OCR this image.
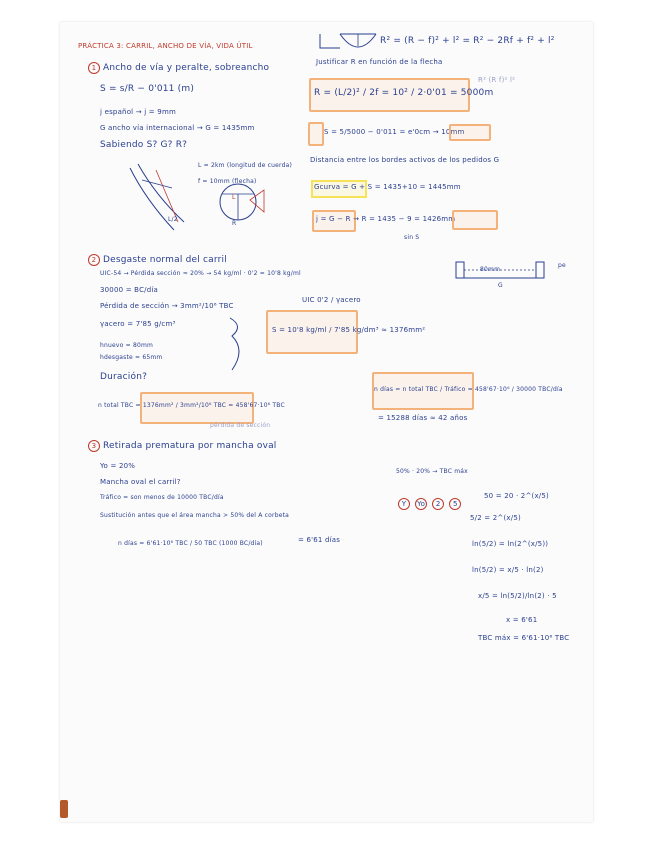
PRÁCTICA 3: CARRIL, ANCHO DE VÍA, VIDA ÚTIL	R² = (R − f)² + l² = R² − 2Rf + f² + l²
1 Ancho de vía y peralte, sobreancho
S = s/R − 0'011 (m)
j español → j = 9mm
G ancho vía internacional → G = 1435mm
Sabiendo S? G? R?
Justificar R en función de la flecha
R² (R f)² l²
R = (L/2)² / 2f = 10² / 2·0'01 = 5000m
S = 5/5000 − 0'011 = e'0cm → 10mm
Distancia entre los bordes activos de los pedidos G
Gcurva = G + S = 1435+10 = 1445mm
j = G − R → R = 1435 − 9 = 1426mm
sin S
L = 2km (longitud de cuerda)
f = 10mm (flecha)
L
R
L/2
2 Desgaste normal del carril
UIC-54 → Pérdida sección ≈ 20% → 54 kg/ml · 0'2 = 10'8 kg/ml
30000 = BC/día
Pérdida de sección → 3mm²/10⁶ TBC
γacero = 7'85 g/cm³
hnuevo = 80mm
hdesgaste = 65mm
Duración?
80mm
G
pe
UIC 0'2 / γacero
S = 10'8 kg/ml / 7'85 kg/dm³ ≈ 1376mm²
n total TBC = 1376mm² / 3mm²/10⁶ TBC = 458'67·10⁶ TBC
n días = n total TBC / Tráfico = 458'67·10⁶ / 30000 TBC/día
= 15288 días ≈ 42 años
pérdida de sección
3 Retirada prematura por mancha oval
Yo = 20%
Mancha oval el carril?
Tráfico = son menos de 10000 TBC/día
Sustitución antes que el área mancha > 50% del A corbeta
50% · 20% → TBC máx
Y Yo 2 5
50 = 20 · 2^(x/5)
5/2 = 2^(x/5)
ln(5/2) = ln(2^(x/5))
ln(5/2) = x/5 · ln(2)
x/5 = ln(5/2)/ln(2) · 5
x = 6'61
TBC máx = 6'61·10⁶ TBC
n días = 6'61·10⁶ TBC / 50 TBC (1000 BC/día)	= 6'61 días
